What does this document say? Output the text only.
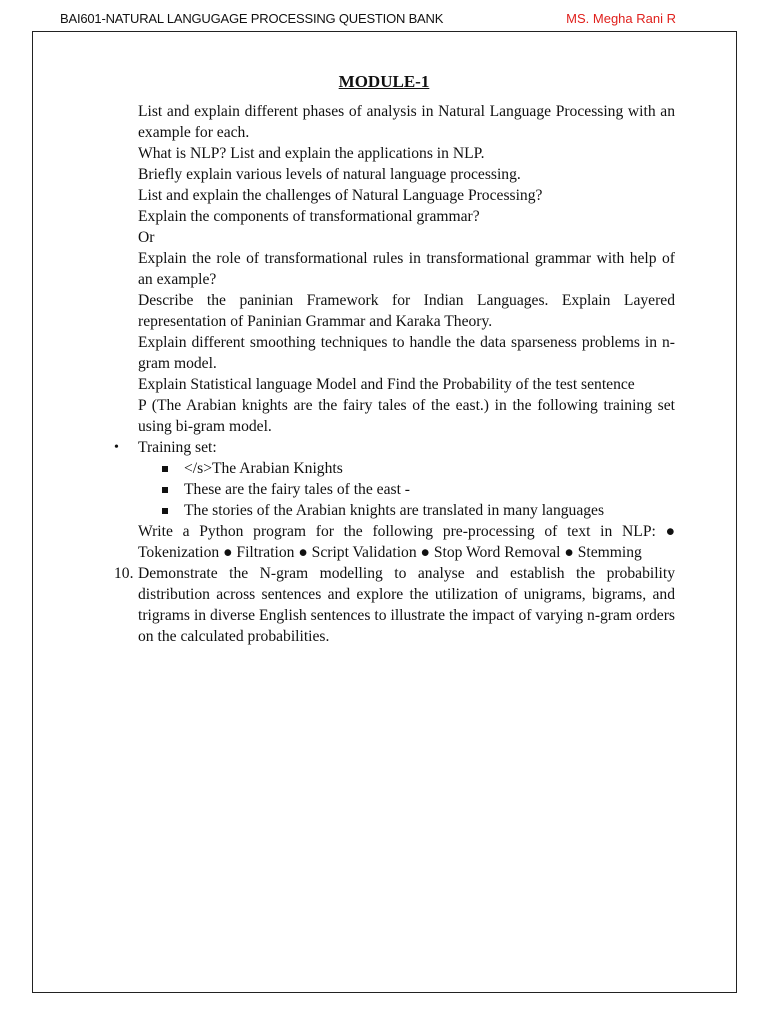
BAI601-NATURAL LANGUGAGE PROCESSING QUESTION BANK	MS. Megha Rani R
MODULE-1

List and explain different phases of analysis in Natural Language Processing with an example for each.

What is NLP? List and explain the applications in NLP.

Briefly explain various levels of natural language processing.

List and explain the challenges of Natural Language Processing?

Explain the components of transformational grammar?

Or

Explain the role of transformational rules in transformational grammar with help of an example?

Describe the paninian Framework for Indian Languages. Explain Layered representation of Paninian Grammar and Karaka Theory.

Explain different smoothing techniques to handle the data sparseness problems in n-gram model.

Explain Statistical language Model and Find the Probability of the test sentence

P (The Arabian knights are the fairy tales of the east.) in the following training set using bi-gram model.

• Training set:
</s>The Arabian Knights
These are the fairy tales of the east -
The stories of the Arabian knights are translated in many languages

Write a Python program for the following pre-processing of text in NLP: ● Tokenization ● Filtration ● Script Validation ● Stop Word Removal ● Stemming

10. Demonstrate the N-gram modelling to analyse and establish the probability distribution across sentences and explore the utilization of unigrams, bigrams, and trigrams in diverse English sentences to illustrate the impact of varying n-gram orders on the calculated probabilities.
